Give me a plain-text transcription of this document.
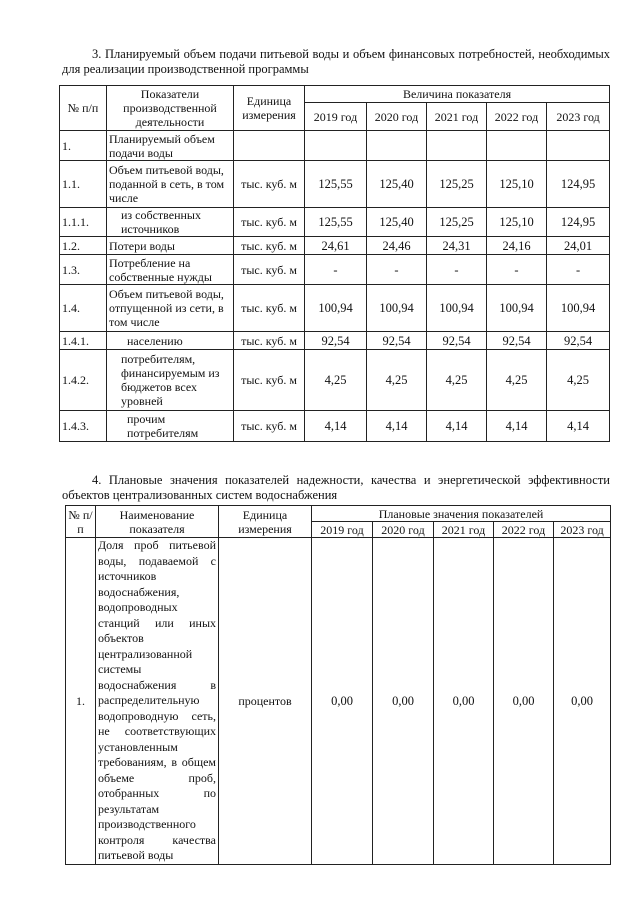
3. Планируемый объем подачи питьевой воды и объем финансовых потребностей, необходимых для реализации производственной программы
№ п/п	Показатели производственной деятельности	Единица измерения	Величина показателя				
			2019 год	2020 год	2021 год	2022 год	2023 год
1.	Планируемый объем подачи воды						
1.1.	Объем питьевой воды, поданной в сеть, в том числе	тыс. куб. м	125,55	125,40	125,25	125,10	124,95
1.1.1.	из собственных источников	тыс. куб. м	125,55	125,40	125,25	125,10	124,95
1.2.	Потери воды	тыс. куб. м	24,61	24,46	24,31	24,16	24,01
1.3.	Потребление на собственные нужды	тыс. куб. м	-	-	-	-	-
1.4.	Объем питьевой воды, отпущенной из сети, в том числе	тыс. куб. м	100,94	100,94	100,94	100,94	100,94
1.4.1.	населению	тыс. куб. м	92,54	92,54	92,54	92,54	92,54
1.4.2.	потребителям, финансируемым из бюджетов всех уровней	тыс. куб. м	4,25	4,25	4,25	4,25	4,25
1.4.3.	прочим потребителям	тыс. куб. м	4,14	4,14	4,14	4,14	4,14
4. Плановые значения показателей надежности, качества и энергетической эффективности объектов централизованных систем водоснабжения
№ п/п	Наименование показателя	Единица измерения	Плановые значения показателей				
			2019 год	2020 год	2021 год	2022 год	2023 год
1.	Доля проб питьевой воды, подаваемой с источников водоснабжения, водопроводных станций или иных объектов централизованной системы водоснабжения в распределительную водопроводную сеть, не соответствующих установленным требованиям, в общем объеме проб, отобранных по результатам производственного контроля качества питьевой воды	процентов	0,00	0,00	0,00	0,00	0,00
